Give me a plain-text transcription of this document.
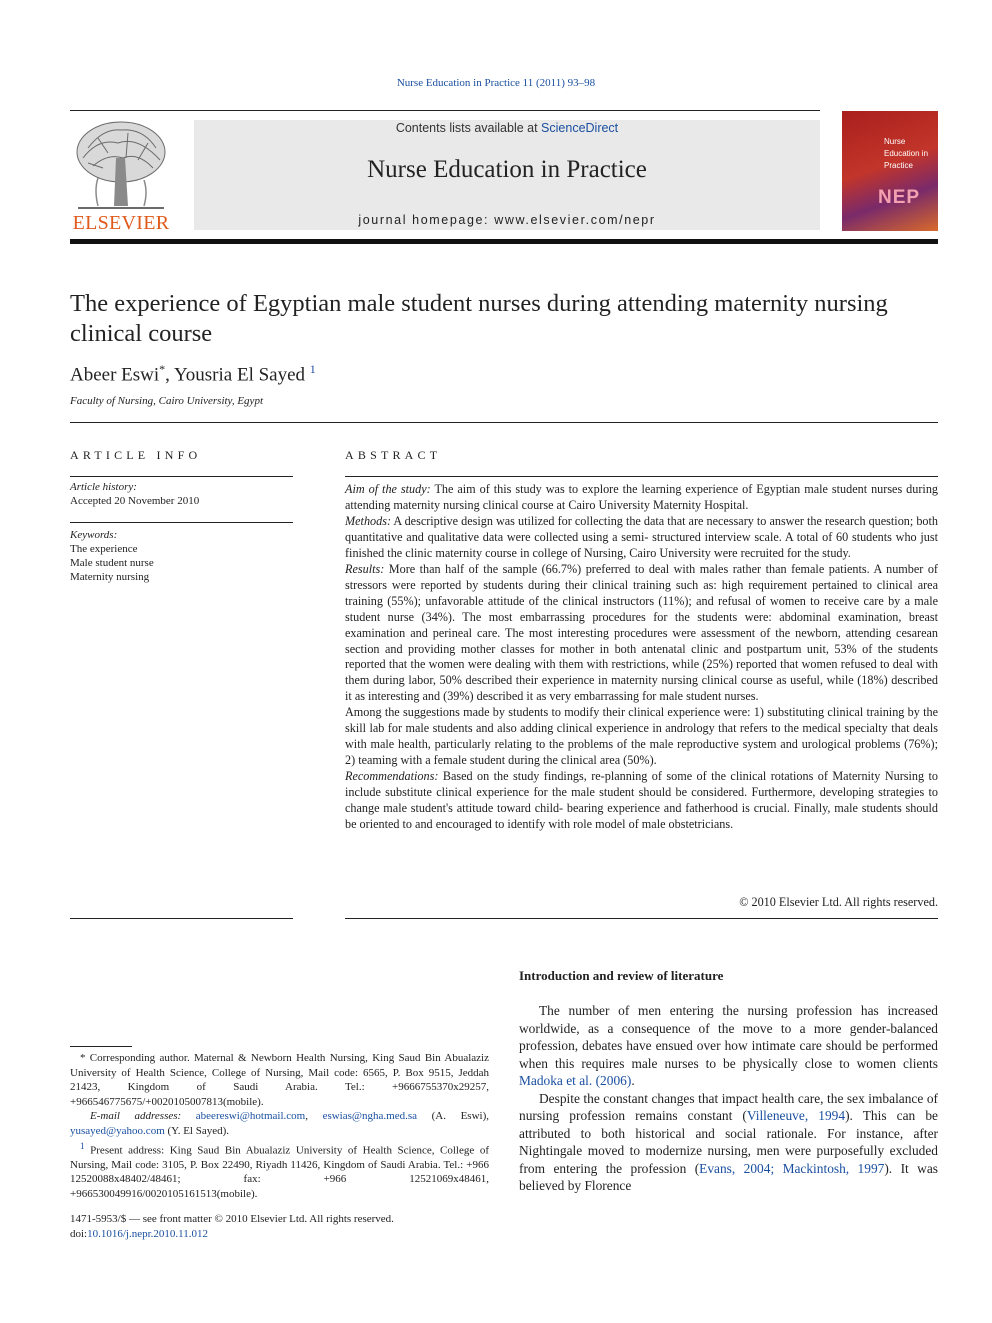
Nurse Education in Practice 11 (2011) 93–98
ELSEVIER
Contents lists available at ScienceDirect
Nurse Education in Practice
journal homepage: www.elsevier.com/nepr
Nurse
Education in
Practice
NEP
The experience of Egyptian male student nurses during attending maternity nursing clinical course
Abeer Eswi*, Yousria El Sayed $^1$
Faculty of Nursing, Cairo University, Egypt
ARTICLE INFO	ABSTRACT
Article history:
Accepted 20 November 2010
Keywords:
The experience
Male student nurse
Maternity nursing

Aim of the study: The aim of this study was to explore the learning experience of Egyptian male student nurses during attending maternity nursing clinical course at Cairo University Maternity Hospital.

Methods: A descriptive design was utilized for collecting the data that are necessary to answer the research question; both quantitative and qualitative data were collected using a semi- structured interview scale. A total of 60 students who just finished the clinic maternity course in college of Nursing, Cairo University were recruited for the study.

Results: More than half of the sample (66.7%) preferred to deal with males rather than female patients. A number of stressors were reported by students during their clinical training such as: high requirement pertained to clinical area training (55%); unfavorable attitude of the clinical instructors (11%); and refusal of women to receive care by a male student nurse (34%). The most embarrassing procedures for the students were: abdominal examination, breast examination and perineal care. The most interesting procedures were assessment of the newborn, attending cesarean section and providing mother classes for mother in both antenatal clinic and postpartum unit, 53% of the students reported that the women were dealing with them with restrictions, while (25%) reported that women refused to deal with them during labor, 50% described their experience in maternity nursing clinical course as useful, while (18%) described it as interesting and (39%) described it as very embarrassing for male student nurses.

Among the suggestions made by students to modify their clinical experience were: 1) substituting clinical training by the skill lab for male students and also adding clinical experience in andrology that refers to the medical specialty that deals with male health, particularly relating to the problems of the male reproductive system and urological problems (76%); 2) teaming with a female student during the clinical area (50%).

Recommendations: Based on the study findings, re-planning of some of the clinical rotations of Maternity Nursing to include substitute clinical experience for the male student should be considered. Furthermore, developing strategies to change male student's attitude toward child- bearing experience and fatherhood is crucial. Finally, male students should be oriented to and encouraged to identify with role model of male obstetricians.

© 2010 Elsevier Ltd. All rights reserved.
Introduction and review of literature

The number of men entering the nursing profession has increased worldwide, as a consequence of the move to a more gender-balanced profession, debates have ensued over how intimate care should be performed when this requires male nurses to be physically close to women clients Madoka et al. (2006).

Despite the constant changes that impact health care, the sex imbalance of nursing profession remains constant (Villeneuve, 1994). This can be attributed to both historical and social rationale. For instance, after Nightingale moved to modernize nursing, men were purposefully excluded from entering the profession (Evans, 2004; Mackintosh, 1997). It was believed by Florence

* Corresponding author. Maternal & Newborn Health Nursing, King Saud Bin Abualaziz University of Health Science, College of Nursing, Mail code: 6565, P. Box 9515, Jeddah 21423, Kingdom of Saudi Arabia. Tel.: +9666755370x29257, +966546775675/+0020105007813(mobile).

E-mail addresses: abeereswi@hotmail.com, eswias@ngha.med.sa (A. Eswi), yusayed@yahoo.com (Y. El Sayed).

$^1$ Present address: King Saud Bin Abualaziz University of Health Science, College of Nursing, Mail code: 3105, P. Box 22490, Riyadh 11426, Kingdom of Saudi Arabia. Tel.: +966 12520088x48402/48461; fax: +966 12521069x48461, +966530049916/0020105161513(mobile).

1471-5953/$ — see front matter © 2010 Elsevier Ltd. All rights reserved.
doi:10.1016/j.nepr.2010.11.012
